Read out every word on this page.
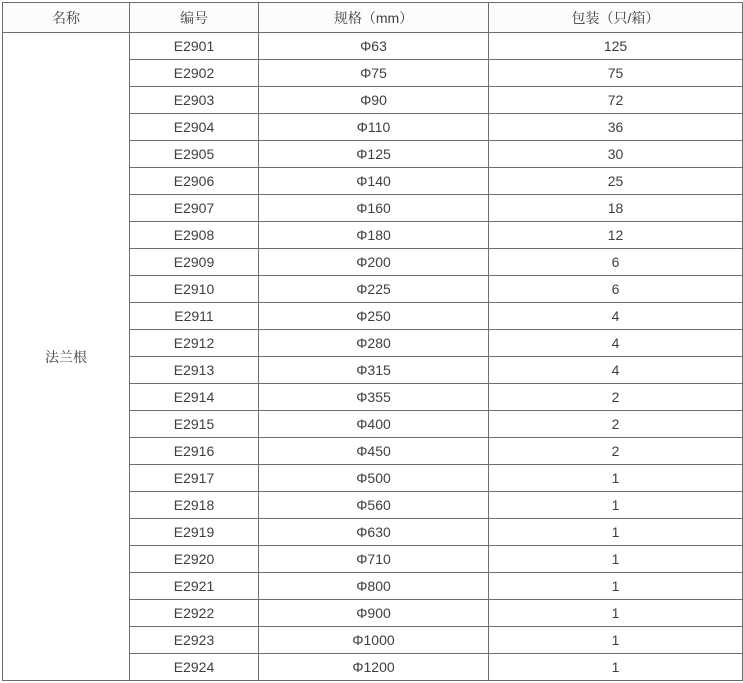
名称	编号	规格（mm）	包装（只/箱）
法兰根	E2901	Φ63	125
	E2902	Φ75	75
	E2903	Φ90	72
	E2904	Φ110	36
	E2905	Φ125	30
	E2906	Φ140	25
	E2907	Φ160	18
	E2908	Φ180	12
	E2909	Φ200	6
	E2910	Φ225	6
	E2911	Φ250	4
	E2912	Φ280	4
	E2913	Φ315	4
	E2914	Φ355	2
	E2915	Φ400	2
	E2916	Φ450	2
	E2917	Φ500	1
	E2918	Φ560	1
	E2919	Φ630	1
	E2920	Φ710	1
	E2921	Φ800	1
	E2922	Φ900	1
	E2923	Φ1000	1
	E2924	Φ1200	1
